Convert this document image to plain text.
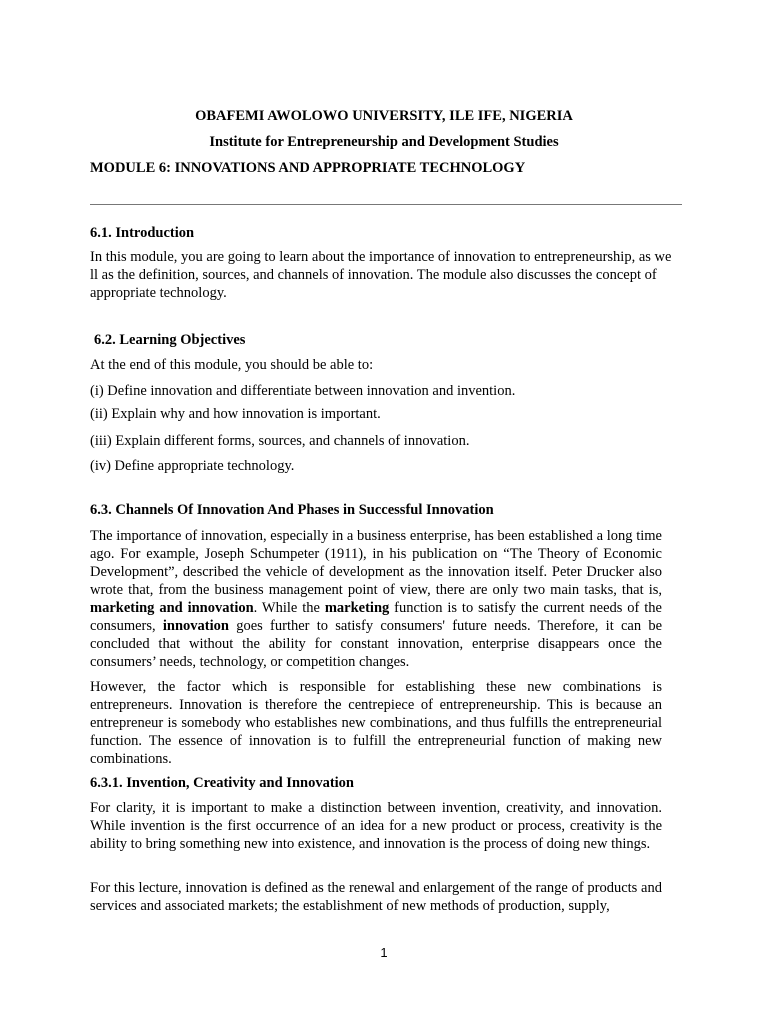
OBAFEMI AWOLOWO UNIVERSITY, ILE IFE, NIGERIA
Institute for Entrepreneurship and Development Studies
MODULE 6: INNOVATIONS AND APPROPRIATE TECHNOLOGY
6.1. Introduction
In this module, you are going to learn about the importance of innovation to entrepreneurship, as we
ll as the definition, sources, and channels of innovation. The module also discusses the concept of
appropriate technology.
6.2. Learning Objectives
At the end of this module, you should be able to:
(i) Define innovation and differentiate between innovation and invention.
(ii) Explain why and how innovation is important.
(iii) Explain different forms, sources, and channels of innovation.
(iv) Define appropriate technology.
6.3. Channels Of Innovation And Phases in Successful Innovation
The importance of innovation, especially in a business enterprise, has been established a long time ago. For example, Joseph Schumpeter (1911), in his publication on “The Theory of Economic Development”, described the vehicle of development as the innovation itself. Peter Drucker also wrote that, from the business management point of view, there are only two main tasks, that is, marketing and innovation. While the marketing function is to satisfy the current needs of the consumers, innovation goes further to satisfy consumers' future needs. Therefore, it can be concluded that without the ability for constant innovation, enterprise disappears once the consumers’ needs, technology, or competition changes.
However, the factor which is responsible for establishing these new combinations is entrepreneurs. Innovation is therefore the centrepiece of entrepreneurship. This is because an entrepreneur is somebody who establishes new combinations, and thus fulfills the entrepreneurial function. The essence of innovation is to fulfill the entrepreneurial function of making new combinations.
6.3.1. Invention, Creativity and Innovation
For clarity, it is important to make a distinction between invention, creativity, and innovation. While invention is the first occurrence of an idea for a new product or process, creativity is the ability to bring something new into existence, and innovation is the process of doing new things.
For this lecture, innovation is defined as the renewal and enlargement of the range of products and services and associated markets; the establishment of new methods of production, supply,
1
